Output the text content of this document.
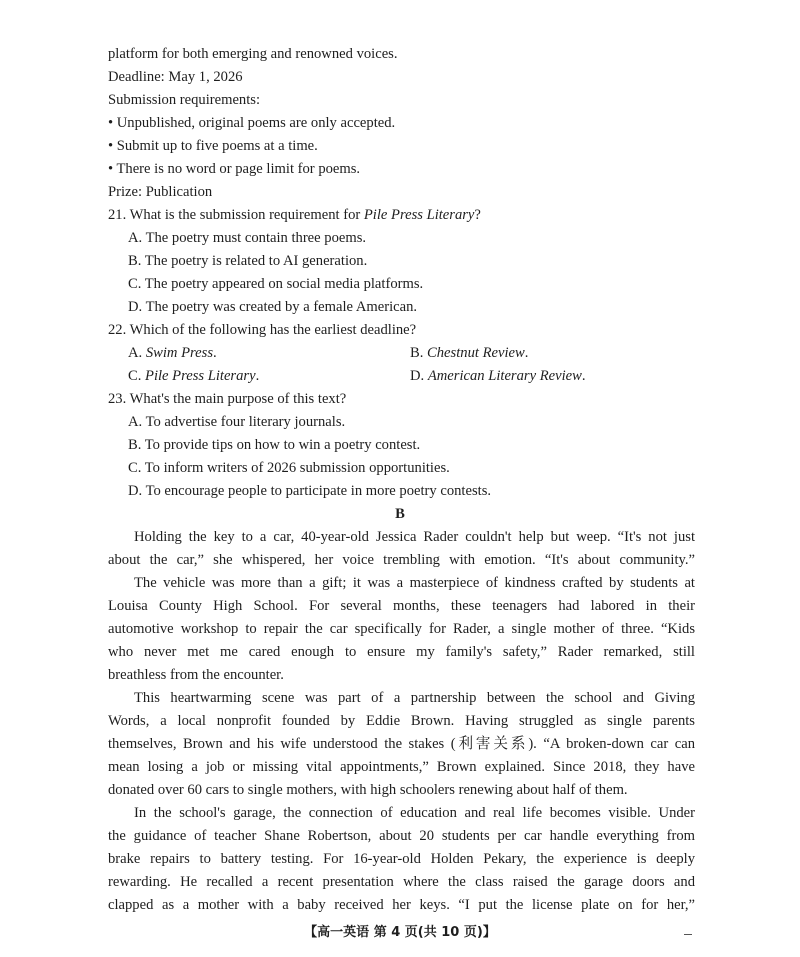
platform for both emerging and renowned voices.
Deadline: May 1, 2026
Submission requirements:
• Unpublished, original poems are only accepted.
• Submit up to five poems at a time.
• There is no word or page limit for poems.
Prize: Publication
21. What is the submission requirement for Pile Press Literary?
A. The poetry must contain three poems.
B. The poetry is related to AI generation.
C. The poetry appeared on social media platforms.
D. The poetry was created by a female American.
22. Which of the following has the earliest deadline?
A. Swim Press.	B. Chestnut Review.
C. Pile Press Literary.	D. American Literary Review.
23. What's the main purpose of this text?
A. To advertise four literary journals.
B. To provide tips on how to win a poetry contest.
C. To inform writers of 2026 submission opportunities.
D. To encourage people to participate in more poetry contests.
B
Holding the key to a car, 40-year-old Jessica Rader couldn't help but weep. “It's not just
about the car,” she whispered, her voice trembling with emotion. “It's about community.”
The vehicle was more than a gift; it was a masterpiece of kindness crafted by students at
Louisa County High School. For several months, these teenagers had labored in their
automotive workshop to repair the car specifically for Rader, a single mother of three. “Kids
who never met me cared enough to ensure my family's safety,” Rader remarked, still
breathless from the encounter.
This heartwarming scene was part of a partnership between the school and Giving
Words, a local nonprofit founded by Eddie Brown. Having struggled as single parents
themselves, Brown and his wife understood the stakes (利害关系). “A broken-down car can
mean losing a job or missing vital appointments,” Brown explained. Since 2018, they have
donated over 60 cars to single mothers, with high schoolers renewing about half of them.
In the school's garage, the connection of education and real life becomes visible. Under
the guidance of teacher Shane Robertson, about 20 students per car handle everything from
brake repairs to battery testing. For 16-year-old Holden Pekary, the experience is deeply
rewarding. He recalled a recent presentation where the class raised the garage doors and
clapped as a mother with a baby received her keys. “I put the license plate on for her,”
【高一英语 第 4 页(共 10 页)】
